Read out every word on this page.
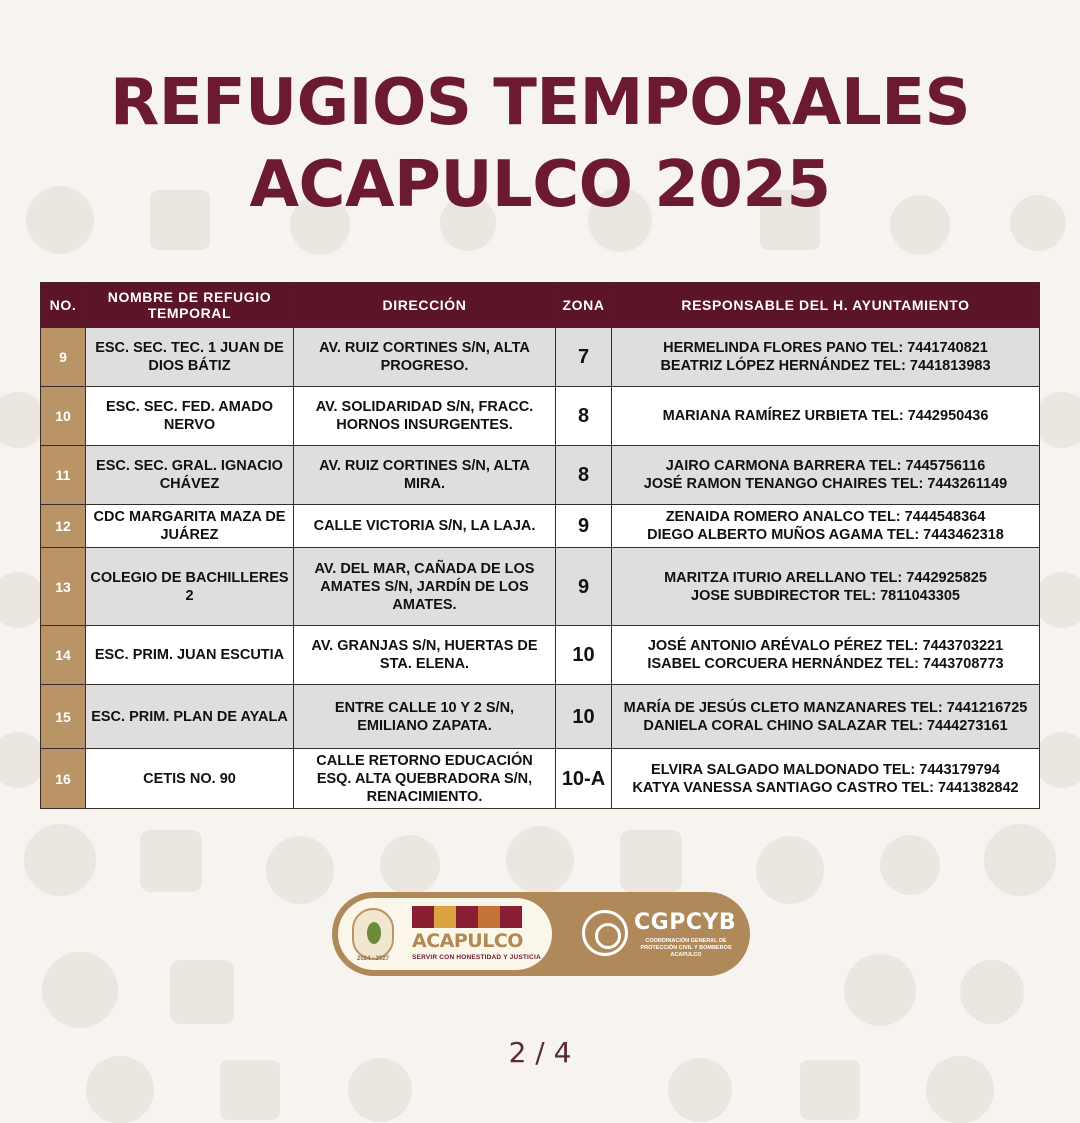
REFUGIOS TEMPORALES
ACAPULCO 2025
NO.	NOMBRE DE REFUGIO TEMPORAL	DIRECCIÓN	ZONA	RESPONSABLE DEL H. AYUNTAMIENTO
9	ESC. SEC. TEC. 1 JUAN DE DIOS BÁTIZ	AV. RUIZ CORTINES S/N, ALTA PROGRESO.	7	HERMELINDA FLORES PANO TEL: 7441740821
BEATRIZ LÓPEZ HERNÁNDEZ TEL: 7441813983

10	ESC. SEC. FED. AMADO NERVO	AV. SOLIDARIDAD S/N, FRACC. HORNOS INSURGENTES.	8	MARIANA RAMÍREZ URBIETA TEL: 7442950436

11	ESC. SEC. GRAL. IGNACIO CHÁVEZ	AV. RUIZ CORTINES S/N, ALTA MIRA.	8	JAIRO CARMONA BARRERA TEL: 7445756116
JOSÉ RAMON TENANGO CHAIRES TEL: 7443261149

12	CDC MARGARITA MAZA DE JUÁREZ	CALLE VICTORIA S/N, LA LAJA.	9	ZENAIDA ROMERO ANALCO TEL: 7444548364
DIEGO ALBERTO MUÑOS AGAMA TEL: 7443462318

13	COLEGIO DE BACHILLERES 2	AV. DEL MAR, CAÑADA DE LOS AMATES S/N, JARDÍN DE LOS AMATES.	9	MARITZA ITURIO ARELLANO TEL: 7442925825
JOSE SUBDIRECTOR TEL: 7811043305

14	ESC. PRIM. JUAN ESCUTIA	AV. GRANJAS S/N, HUERTAS DE STA. ELENA.	10	JOSÉ ANTONIO ARÉVALO PÉREZ TEL: 7443703221
ISABEL CORCUERA HERNÁNDEZ TEL: 7443708773

15	ESC. PRIM. PLAN DE AYALA	ENTRE CALLE 10 Y 2 S/N, EMILIANO ZAPATA.	10	MARÍA DE JESÚS CLETO MANZANARES TEL: 7441216725
DANIELA CORAL CHINO SALAZAR TEL: 7444273161

16	CETIS NO. 90	CALLE RETORNO EDUCACIÓN ESQ. ALTA QUEBRADORA S/N, RENACIMIENTO.	10-A	ELVIRA SALGADO MALDONADO TEL: 7443179794
KATYA VANESSA SANTIAGO CASTRO TEL: 7441382842
2024 - 2027
ACAPULCO
SERVIR CON HONESTIDAD Y JUSTICIA
CGPCYB
COORDINACIÓN GENERAL DE PROTECCIÓN CIVIL Y BOMBEROS ACAPULCO
2 / 4
